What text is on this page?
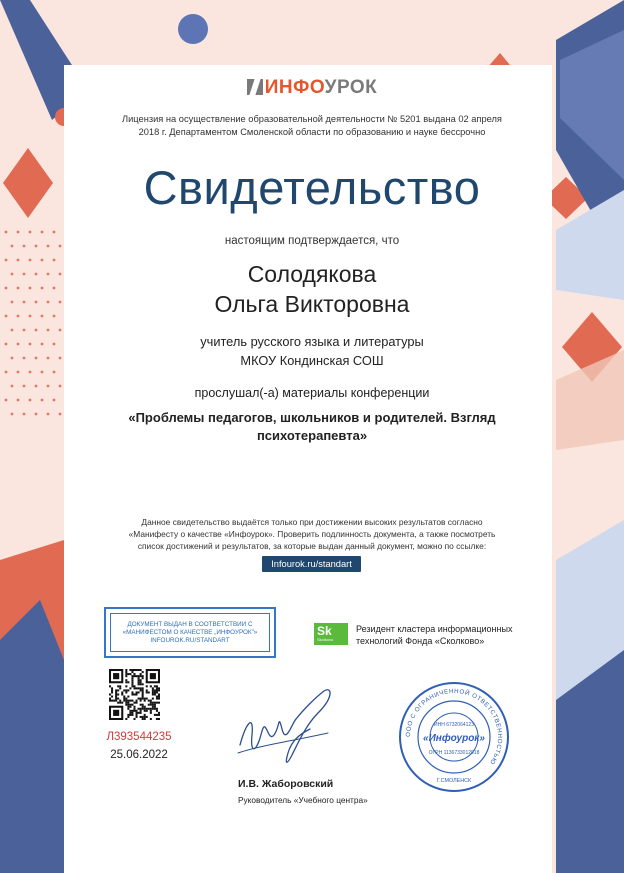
ИНФОУРОК
Лицензия на осуществление образовательной деятельности № 5201 выдана 02 апреля
2018 г. Департаментом Смоленской области по образованию и науке бессрочно
Свидетельство
настоящим подтверждается, что
Солодякова
Ольга Викторовна
учитель русского языка и литературы
МКОУ Кондинская СОШ
прослушал(-а) материалы конференции
«Проблемы педагогов, школьников и родителей. Взгляд
психотерапевта»
Данное свидетельство выдаётся только при достижении высоких результатов согласно
«Манифесту о качестве «Инфоурок». Проверить подлинность документа, а также посмотреть
список достижений и результатов, за которые выдан данный документ, можно по ссылке:
Infourok.ru/standart
ДОКУМЕНТ ВЫДАН В СООТВЕТСТВИИ С
«МАНИФЕСТОМ О КАЧЕСТВЕ „ИНФОУРОК"»
INFOUROK.RU/STANDART
Sk
Skolkovo
Резидент кластера информационных
технологий Фонда «Сколково»
Л393544235
25.06.2022
И.В. Жаборовский
Руководитель «Учебного центра»
ООО С ОГРАНИЧЕННОЙ ОТВЕТСТВЕННОСТЬЮ
ИНН 6732064123
«Инфоурок»
ОГРН 1136733012018
Г.СМОЛЕНСК
